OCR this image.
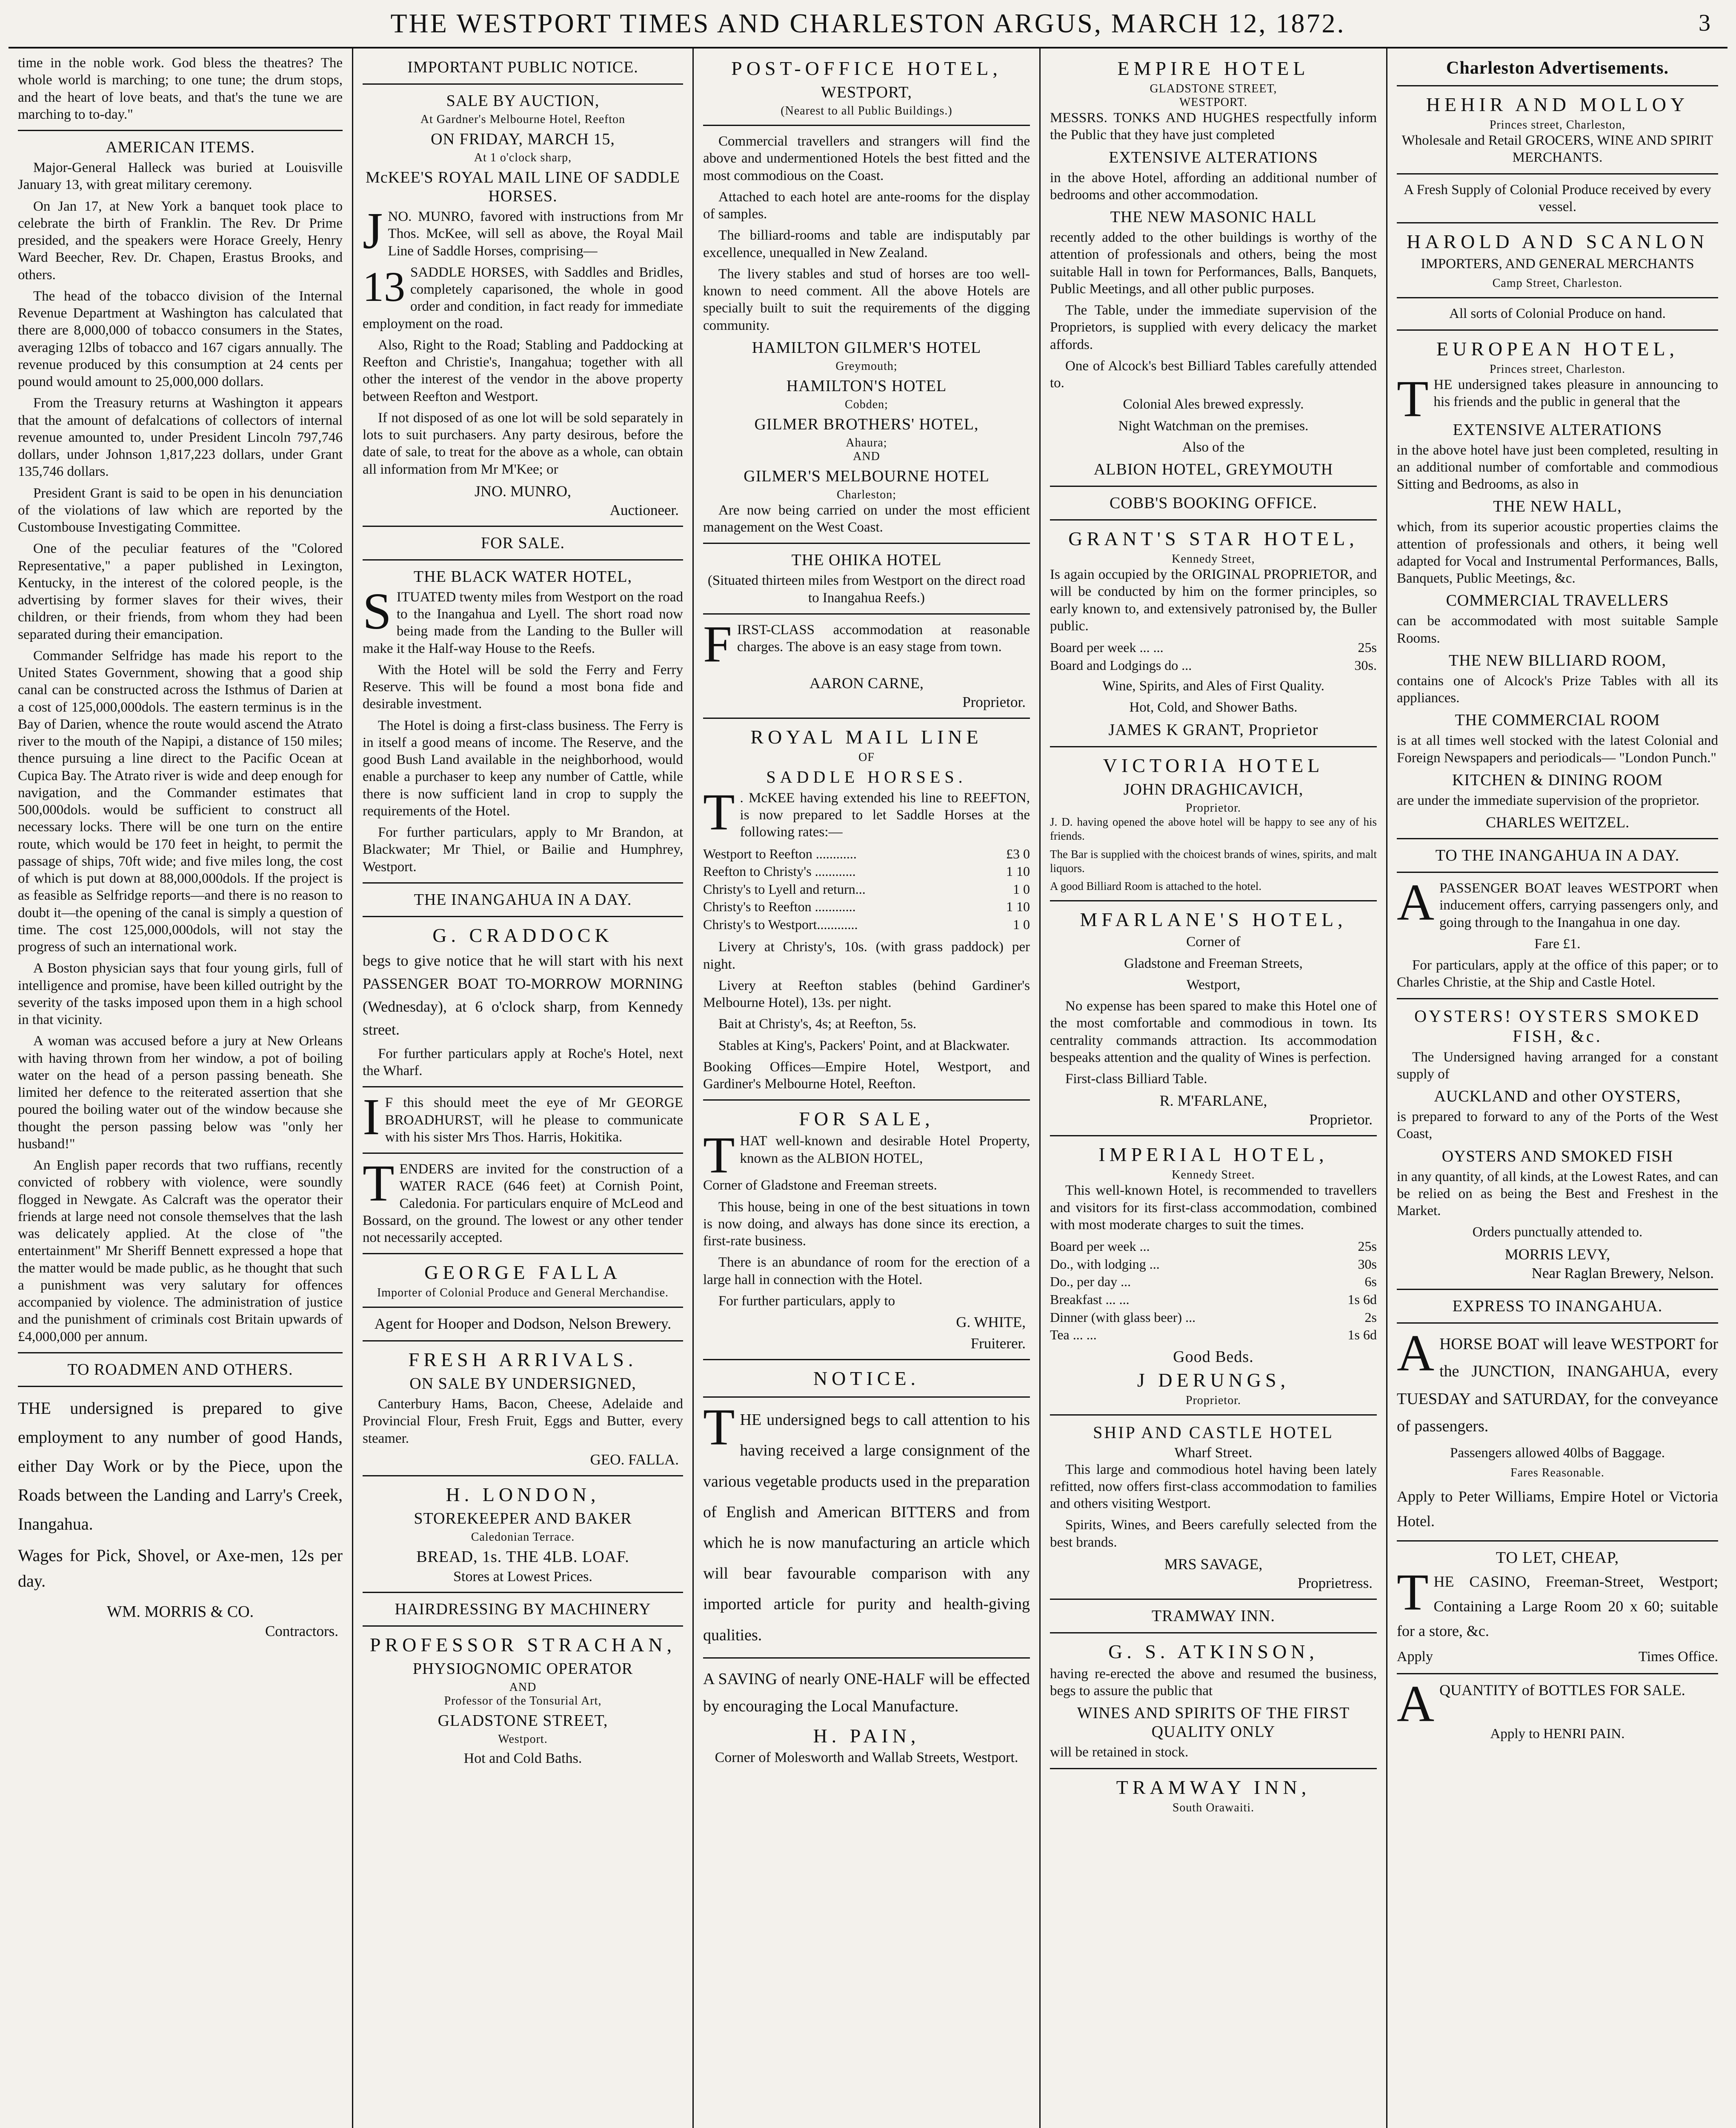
THE WESTPORT TIMES AND CHARLESTON ARGUS, MARCH 12, 1872.	3

time in the noble work. God bless the theatres? The whole world is marching; to one tune; the drum stops, and the heart of love beats, and that's the tune we are marching to to-day."

AMERICAN ITEMS.

Major-General Halleck was buried at Louisville January 13, with great military ceremony.

On Jan 17, at New York a banquet took place to celebrate the birth of Franklin. The Rev. Dr Prime presided, and the speakers were Horace Greely, Henry Ward Beecher, Rev. Dr. Chapen, Erastus Brooks, and others.

The head of the tobacco division of the Internal Revenue Department at Washington has calculated that there are 8,000,000 of tobacco consumers in the States, averaging 12lbs of tobacco and 167 cigars annually. The revenue produced by this consumption at 24 cents per pound would amount to 25,000,000 dollars.

From the Treasury returns at Washington it appears that the amount of defalcations of collectors of internal revenue amounted to, under President Lincoln 797,746 dollars, under Johnson 1,817,223 dollars, under Grant 135,746 dollars.

President Grant is said to be open in his denunciation of the violations of law which are reported by the Custombouse Investigating Committee.

One of the peculiar features of the "Colored Representative," a paper published in Lexington, Kentucky, in the interest of the colored people, is the advertising by former slaves for their wives, their children, or their friends, from whom they had been separated during their emancipation.

Commander Selfridge has made his report to the United States Government, showing that a good ship canal can be constructed across the Isthmus of Darien at a cost of 125,000,000dols. The eastern terminus is in the Bay of Darien, whence the route would ascend the Atrato river to the mouth of the Napipi, a distance of 150 miles; thence pursuing a line direct to the Pacific Ocean at Cupica Bay. The Atrato river is wide and deep enough for navigation, and the Commander estimates that 500,000dols. would be sufficient to construct all necessary locks. There will be one turn on the entire route, which would be 170 feet in height, to permit the passage of ships, 70ft wide; and five miles long, the cost of which is put down at 88,000,000dols. If the project is as feasible as Selfridge reports—and there is no reason to doubt it—the opening of the canal is simply a question of time. The cost 125,000,000dols, will not stay the progress of such an international work.

A Boston physician says that four young girls, full of intelligence and promise, have been killed outright by the severity of the tasks imposed upon them in a high school in that vicinity.

A woman was accused before a jury at New Orleans with having thrown from her window, a pot of boiling water on the head of a person passing beneath. She limited her defence to the reiterated assertion that she poured the boiling water out of the window because she thought the person passing below was "only her husband!"

An English paper records that two ruffians, recently convicted of robbery with violence, were soundly flogged in Newgate. As Calcraft was the operator their friends at large need not console themselves that the lash was delicately applied. At the close of "the entertainment" Mr Sheriff Bennett expressed a hope that the matter would be made public, as he thought that such a punishment was very salutary for offences accompanied by violence. The administration of justice and the punishment of criminals cost Britain upwards of £4,000,000 per annum.

TO ROADMEN AND OTHERS.

THE undersigned is prepared to give employment to any number of good Hands, either Day Work or by the Piece, upon the Roads between the Landing and Larry's Creek, Inangahua.

Wages for Pick, Shovel, or Axe-men, 12s per day.

WM. MORRIS & CO.
Contractors.
IMPORTANT PUBLIC NOTICE.
SALE BY AUCTION,
At Gardner's Melbourne Hotel, Reefton
ON FRIDAY, MARCH 15,
At 1 o'clock sharp,
McKEE'S ROYAL MAIL LINE OF SADDLE HORSES.

JNO. MUNRO, favored with instructions from Mr Thos. McKee, will sell as above, the Royal Mail Line of Saddle Horses, comprising—

13 SADDLE HORSES, with Saddles and Bridles, completely caparisoned, the whole in good order and condition, in fact ready for immediate employment on the road.

Also, Right to the Road; Stabling and Paddocking at Reefton and Christie's, Inangahua; together with all other the interest of the vendor in the above property between Reefton and Westport.

If not disposed of as one lot will be sold separately in lots to suit purchasers. Any party desirous, before the date of sale, to treat for the above as a whole, can obtain all information from Mr M'Kee; or

JNO. MUNRO,
Auctioneer.
FOR SALE.
THE BLACK WATER HOTEL,

SITUATED twenty miles from Westport on the road to the Inangahua and Lyell. The short road now being made from the Landing to the Buller will make it the Half-way House to the Reefs.

With the Hotel will be sold the Ferry and Ferry Reserve. This will be found a most bona fide and desirable investment.

The Hotel is doing a first-class business. The Ferry is in itself a good means of income. The Reserve, and the good Bush Land available in the neighborhood, would enable a purchaser to keep any number of Cattle, while there is now sufficient land in crop to supply the requirements of the Hotel.

For further particulars, apply to Mr Brandon, at Blackwater; Mr Thiel, or Bailie and Humphrey, Westport.

THE INANGAHUA IN A DAY.
G. CRADDOCK

begs to give notice that he will start with his next PASSENGER BOAT TO-MORROW MORNING (Wednesday), at 6 o'clock sharp, from Kennedy street.

For further particulars apply at Roche's Hotel, next the Wharf.

I F this should meet the eye of Mr GEORGE BROADHURST, will he please to communicate with his sister Mrs Thos. Harris, Hokitika.

TENDERS are invited for the construction of a WATER RACE (646 feet) at Cornish Point, Caledonia. For particulars enquire of McLeod and Bossard, on the ground. The lowest or any other tender not necessarily accepted.

GEORGE FALLA
Importer of Colonial Produce and General Merchandise.

Agent for Hooper and Dodson, Nelson Brewery.

FRESH ARRIVALS.
ON SALE BY UNDERSIGNED,

Canterbury Hams, Bacon, Cheese, Adelaide and Provincial Flour, Fresh Fruit, Eggs and Butter, every steamer.

GEO. FALLA.
H. LONDON,
STOREKEEPER AND BAKER
Caledonian Terrace.
BREAD, 1s. THE 4LB. LOAF.
Stores at Lowest Prices.
HAIRDRESSING BY MACHINERY
PROFESSOR STRACHAN,
PHYSIOGNOMIC OPERATOR
AND
Professor of the Tonsurial Art,
GLADSTONE STREET,
Westport.
Hot and Cold Baths.
POST-OFFICE HOTEL,
WESTPORT,
(Nearest to all Public Buildings.)

Commercial travellers and strangers will find the above and undermentioned Hotels the best fitted and the most commodious on the Coast.

Attached to each hotel are ante-rooms for the display of samples.

The billiard-rooms and table are indisputably par excellence, unequalled in New Zealand.

The livery stables and stud of horses are too well-known to need comment. All the above Hotels are specially built to suit the requirements of the digging community.

HAMILTON GILMER'S HOTEL
Greymouth;
HAMILTON'S HOTEL
Cobden;
GILMER BROTHERS' HOTEL,
Ahaura;
AND
GILMER'S MELBOURNE HOTEL
Charleston;

Are now being carried on under the most efficient management on the West Coast.

THE OHIKA HOTEL

(Situated thirteen miles from Westport on the direct road to Inangahua Reefs.)

FIRST-CLASS accommodation at reasonable charges. The above is an easy stage from town.

AARON CARNE,
Proprietor.
ROYAL MAIL LINE
OF
SADDLE HORSES.

T . McKEE having extended his line to REEFTON, is now prepared to let Saddle Horses at the following rates:—

Westport to Reefton ............	£3 0
Reefton to Christy's ............	1 10
Christy's to Lyell and return...	1 0
Christy's to Reefton ............	1 10
Christy's to Westport............	1 0

Livery at Christy's, 10s. (with grass paddock) per night.

Livery at Reefton stables (behind Gardiner's Melbourne Hotel), 13s. per night.

Bait at Christy's, 4s; at Reefton, 5s.

Stables at King's, Packers' Point, and at Blackwater.

Booking Offices—Empire Hotel, Westport, and Gardiner's Melbourne Hotel, Reefton.

FOR SALE,

THAT well-known and desirable Hotel Property, known as the ALBION HOTEL,

Corner of Gladstone and Freeman streets.

This house, being in one of the best situations in town is now doing, and always has done since its erection, a first-rate business.

There is an abundance of room for the erection of a large hall in connection with the Hotel.

For further particulars, apply to

G. WHITE,
Fruiterer.
NOTICE.

THE undersigned begs to call attention to his having received a large consignment of the various vegetable products used in the preparation of English and American BITTERS and from which he is now manufacturing an article which will bear favourable comparison with any imported article for purity and health-giving qualities.

A SAVING of nearly ONE-HALF will be effected by encouraging the Local Manufacture.

H. PAIN,
Corner of Molesworth and Wallab Streets, Westport.
EMPIRE HOTEL
GLADSTONE STREET,
WESTPORT.

MESSRS. TONKS AND HUGHES respectfully inform the Public that they have just completed

EXTENSIVE ALTERATIONS

in the above Hotel, affording an additional number of bedrooms and other accommodation.

THE NEW MASONIC HALL

recently added to the other buildings is worthy of the attention of professionals and others, being the most suitable Hall in town for Performances, Balls, Banquets, Public Meetings, and all other public purposes.

The Table, under the immediate supervision of the Proprietors, is supplied with every delicacy the market affords.

One of Alcock's best Billiard Tables carefully attended to.

Colonial Ales brewed expressly.

Night Watchman on the premises.

Also of the

ALBION HOTEL, GREYMOUTH
COBB'S BOOKING OFFICE.
GRANT'S STAR HOTEL,
Kennedy Street,

Is again occupied by the ORIGINAL PROPRIETOR, and will be conducted by him on the former principles, so early known to, and extensively patronised by, the Buller public.

Board per week ... ...	25s
Board and Lodgings do ...	30s.

Wine, Spirits, and Ales of First Quality.

Hot, Cold, and Shower Baths.

JAMES K GRANT, Proprietor
VICTORIA HOTEL
JOHN DRAGHICAVICH,
Proprietor.

J. D. having opened the above hotel will be happy to see any of his friends.

The Bar is supplied with the choicest brands of wines, spirits, and malt liquors.

A good Billiard Room is attached to the hotel.

MFARLANE'S HOTEL,

Corner of

Gladstone and Freeman Streets,

Westport,

No expense has been spared to make this Hotel one of the most comfortable and commodious in town. Its centrality commands attraction. Its accommodation bespeaks attention and the quality of Wines is perfection.

First-class Billiard Table.

R. M'FARLANE,
Proprietor.
IMPERIAL HOTEL,
Kennedy Street.

This well-known Hotel, is recommended to travellers and visitors for its first-class accommodation, combined with most moderate charges to suit the times.

Board per week ...	25s
Do., with lodging ...	30s
Do., per day ...	6s
Breakfast ... ...	1s 6d
Dinner (with glass beer) ...	2s
Tea ... ...	1s 6d
Good Beds.
J DERUNGS,
Proprietor.
SHIP AND CASTLE HOTEL
Wharf Street.

This large and commodious hotel having been lately refitted, now offers first-class accommodation to families and others visiting Westport.

Spirits, Wines, and Beers carefully selected from the best brands.

MRS SAVAGE,
Proprietress.
TRAMWAY INN.
G. S. ATKINSON,

having re-erected the above and resumed the business, begs to assure the public that

WINES AND SPIRITS OF THE FIRST QUALITY ONLY

will be retained in stock.

TRAMWAY INN,
South Orawaiti.
Charleston Advertisements.
HEHIR AND MOLLOY
Princes street, Charleston,

Wholesale and Retail GROCERS, WINE AND SPIRIT MERCHANTS.

A Fresh Supply of Colonial Produce received by every vessel.

HAROLD AND SCANLON

IMPORTERS, AND GENERAL MERCHANTS

Camp Street, Charleston.

All sorts of Colonial Produce on hand.

EUROPEAN HOTEL,
Princes street, Charleston.

THE undersigned takes pleasure in announcing to his friends and the public in general that the

EXTENSIVE ALTERATIONS

in the above hotel have just been completed, resulting in an additional number of comfortable and commodious Sitting and Bedrooms, as also in

THE NEW HALL,

which, from its superior acoustic properties claims the attention of professionals and others, it being well adapted for Vocal and Instrumental Performances, Balls, Banquets, Public Meetings, &c.

COMMERCIAL TRAVELLERS

can be accommodated with most suitable Sample Rooms.

THE NEW BILLIARD ROOM,

contains one of Alcock's Prize Tables with all its appliances.

THE COMMERCIAL ROOM

is at all times well stocked with the latest Colonial and Foreign Newspapers and periodicals— "London Punch."

KITCHEN & DINING ROOM

are under the immediate supervision of the proprietor.

CHARLES WEITZEL.
TO THE INANGAHUA IN A DAY.

APASSENGER BOAT leaves WESTPORT when inducement offers, carrying passengers only, and going through to the Inangahua in one day.

Fare £1.

For particulars, apply at the office of this paper; or to Charles Christie, at the Ship and Castle Hotel.

OYSTERS! OYSTERS SMOKED FISH, &c.

The Undersigned having arranged for a constant supply of

AUCKLAND and other OYSTERS,

is prepared to forward to any of the Ports of the West Coast,

OYSTERS AND SMOKED FISH

in any quantity, of all kinds, at the Lowest Rates, and can be relied on as being the Best and Freshest in the Market.

Orders punctually attended to.

MORRIS LEVY,
Near Raglan Brewery, Nelson.
EXPRESS TO INANGAHUA.

AHORSE BOAT will leave WESTPORT for the JUNCTION, INANGAHUA, every TUESDAY and SATURDAY, for the conveyance of passengers.

Passengers allowed 40lbs of Baggage.

Fares Reasonable.

Apply to Peter Williams, Empire Hotel or Victoria Hotel.

TO LET, CHEAP,

THE CASINO, Freeman-Street, Westport; Containing a Large Room 20 x 60; suitable for a store, &c.

Apply	Times Office.

AQUANTITY of BOTTLES FOR SALE.

Apply to HENRI PAIN.
